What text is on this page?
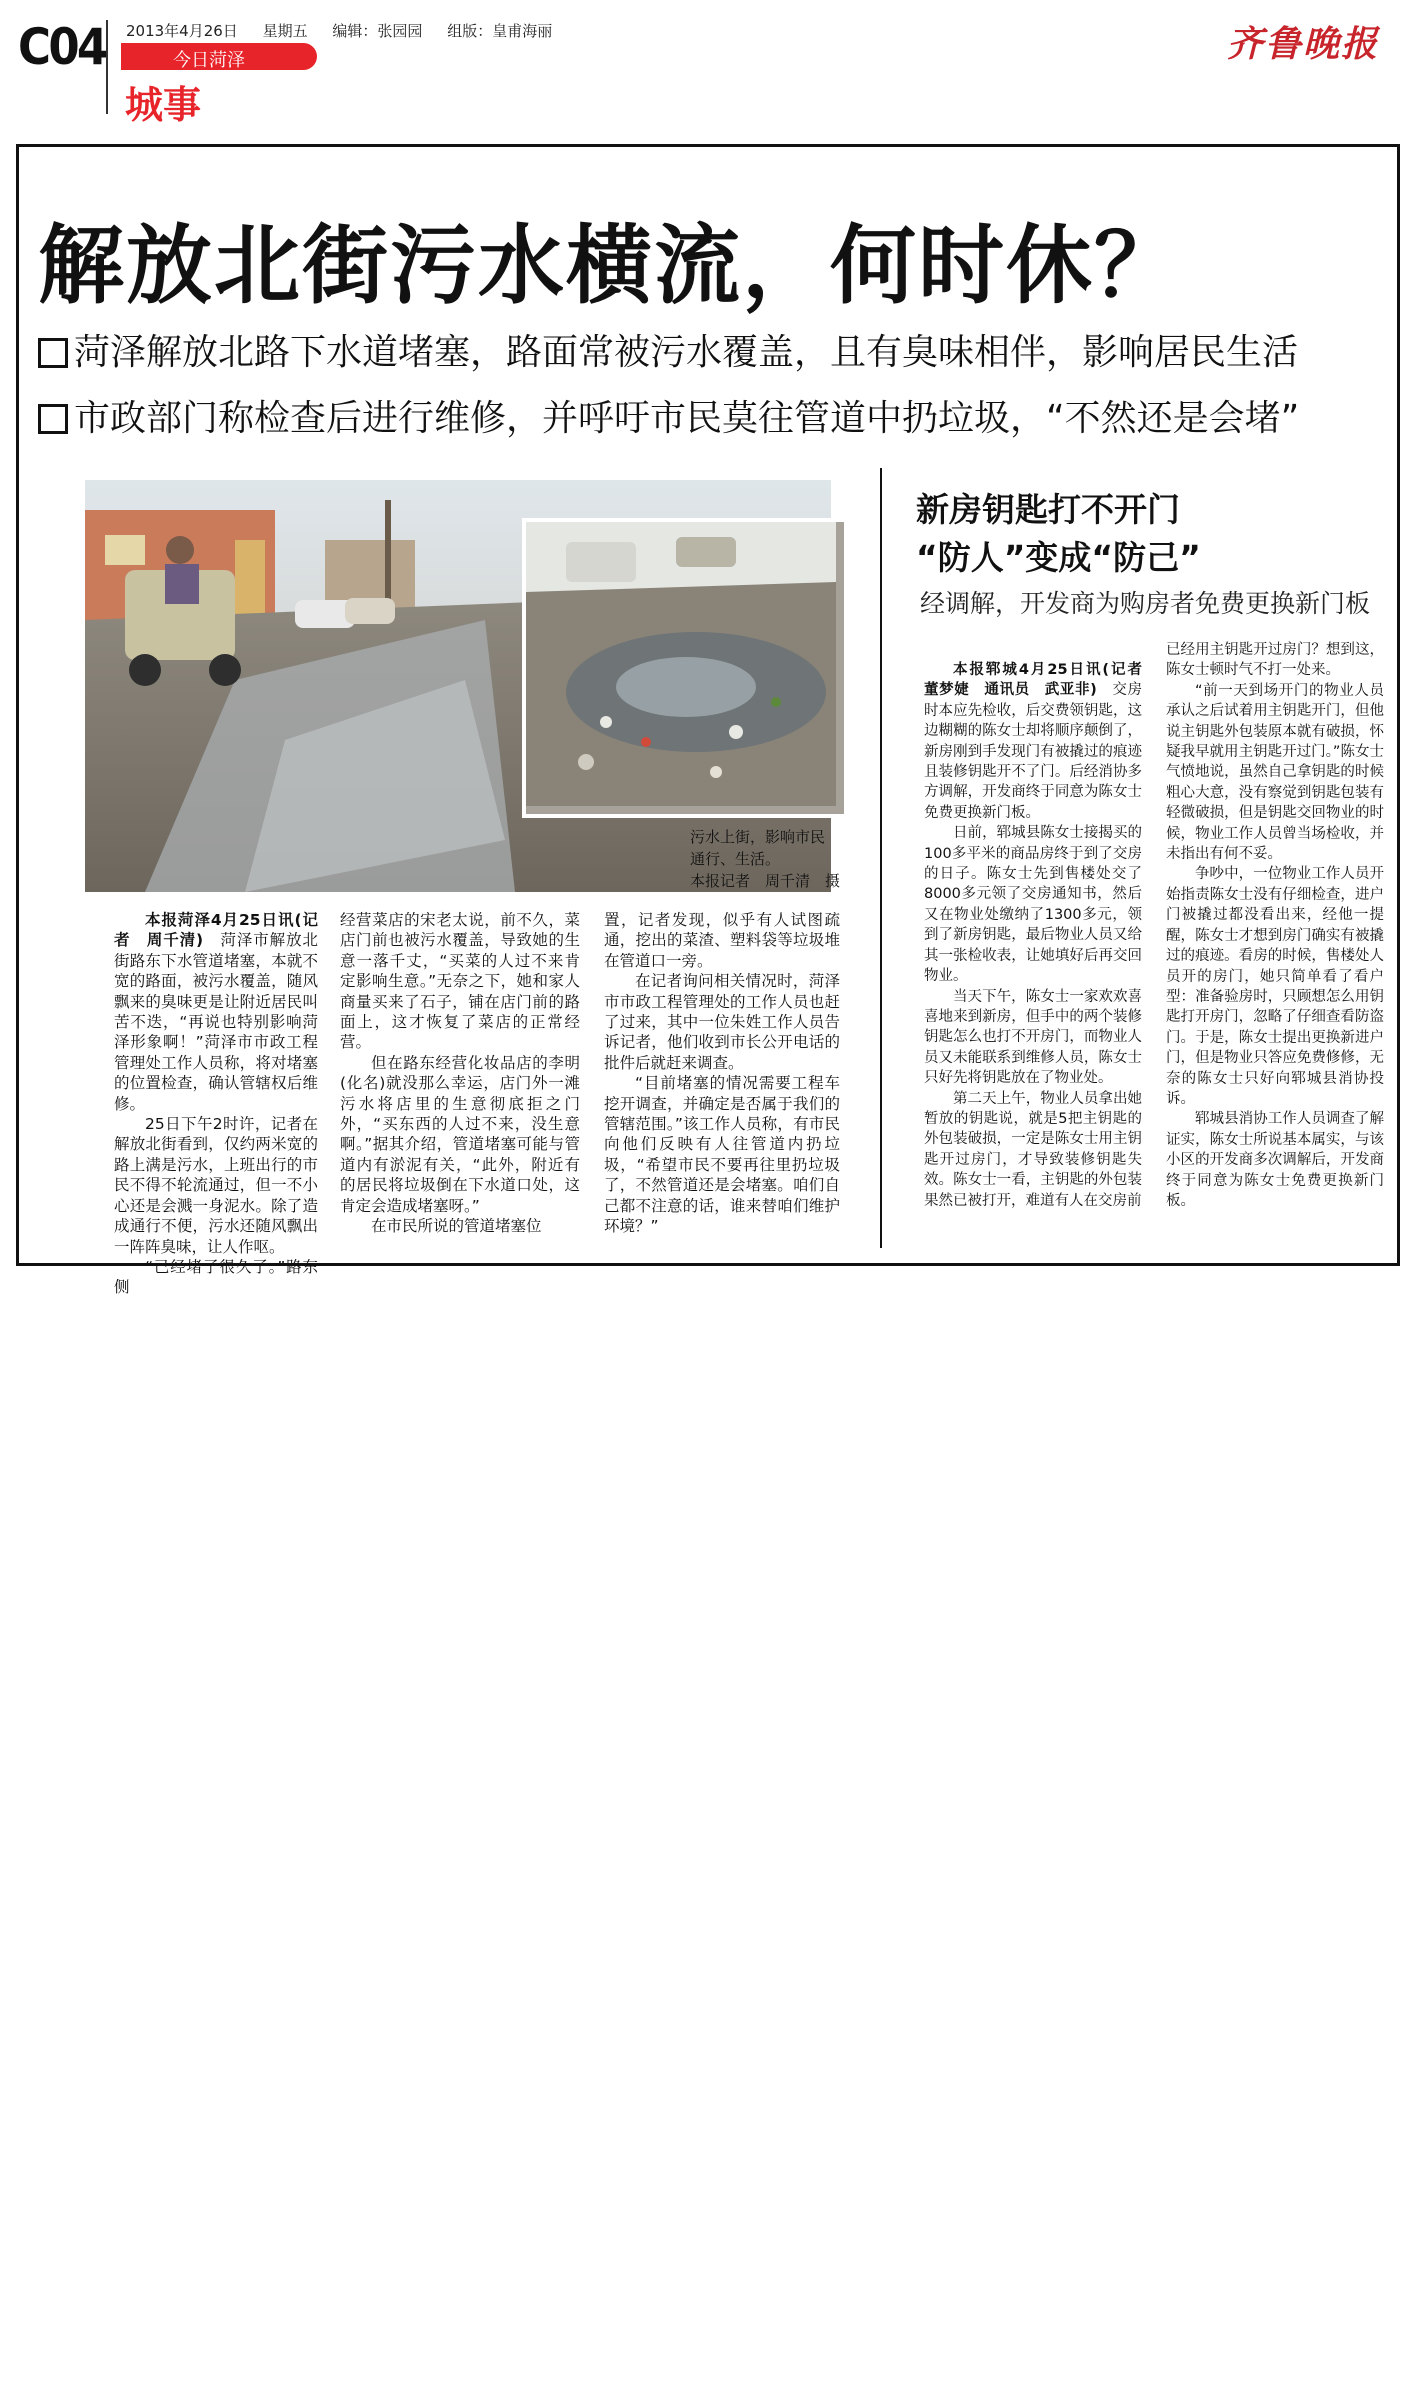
C04 2013年4月26日 星期五 编辑：张园园 组版：皇甫海丽
今日菏泽
城事
齐鲁晚报
解放北街污水横流，何时休？
菏泽解放北路下水道堵塞，路面常被污水覆盖，且有臭味相伴，影响居民生活
市政部门称检查后进行维修，并呼吁市民莫往管道中扔垃圾，“不然还是会堵”
污水上街，影响市民
通行、生活。
本报记者　周千清　摄

本报菏泽4月25日讯(记者　周千清)　 菏泽市解放北街路东下水管道堵塞，本就不宽的路面，被污水覆盖，随风飘来的臭味更是让附近居民叫苦不迭，“再说也特别影响菏泽形象啊！”菏泽市市政工程管理处工作人员称，将对堵塞的位置检查，确认管辖权后维修。

25日下午2时许，记者在解放北街看到，仅约两米宽的路上满是污水，上班出行的市民不得不轮流通过，但一不小心还是会溅一身泥水。除了造成通行不便，污水还随风飘出一阵阵臭味，让人作呕。

“已经堵了很久了。”路东侧

经营菜店的宋老太说，前不久，菜店门前也被污水覆盖，导致她的生意一落千丈，“买菜的人过不来肯定影响生意。”无奈之下，她和家人商量买来了石子，铺在店门前的路面上，这才恢复了菜店的正常经营。

但在路东经营化妆品店的李明(化名)就没那么幸运，店门外一滩污水将店里的生意彻底拒之门外，“买东西的人过不来，没生意啊。”据其介绍，管道堵塞可能与管道内有淤泥有关，“此外，附近有的居民将垃圾倒在下水道口处，这肯定会造成堵塞呀。”

在市民所说的管道堵塞位

置，记者发现，似乎有人试图疏通，挖出的菜渣、塑料袋等垃圾堆在管道口一旁。

在记者询问相关情况时，菏泽市市政工程管理处的工作人员也赶了过来，其中一位朱姓工作人员告诉记者，他们收到市长公开电话的批件后就赶来调查。

“目前堵塞的情况需要工程车挖开调查，并确定是否属于我们的管辖范围。”该工作人员称，有市民向他们反映有人往管道内扔垃圾，“希望市民不要再往里扔垃圾了，不然管道还是会堵塞。咱们自己都不注意的话，谁来替咱们维护环境？”

新房钥匙打不开门
“防人”变成“防己”
经调解，开发商为购房者免费更换新门板

本报郓城4月25日讯(记者　董梦婕　通讯员　武亚非)　 交房时本应先检收，后交费领钥匙，这边糊糊的陈女士却将顺序颠倒了，新房刚到手发现门有被撬过的痕迹且装修钥匙开不了门。后经消协多方调解，开发商终于同意为陈女士免费更换新门板。

日前，郓城县陈女士接揭买的100多平米的商品房终于到了交房的日子。陈女士先到售楼处交了8000多元领了交房通知书，然后又在物业处缴纳了1300多元，领到了新房钥匙，最后物业人员又给其一张检收表，让她填好后再交回物业。

当天下午，陈女士一家欢欢喜喜地来到新房，但手中的两个装修钥匙怎么也打不开房门，而物业人员又未能联系到维修人员，陈女士只好先将钥匙放在了物业处。

第二天上午，物业人员拿出她暂放的钥匙说，就是5把主钥匙的外包装破损，一定是陈女士用主钥匙开过房门，才导致装修钥匙失效。陈女士一看，主钥匙的外包装果然已被打开，难道有人在交房前

已经用主钥匙开过房门？想到这，陈女士顿时气不打一处来。

“前一天到场开门的物业人员承认之后试着用主钥匙开门，但他说主钥匙外包装原本就有破损，怀疑我早就用主钥匙开过门。”陈女士气愤地说，虽然自己拿钥匙的时候粗心大意，没有察觉到钥匙包装有轻微破损，但是钥匙交回物业的时候，物业工作人员曾当场检收，并未指出有何不妥。

争吵中，一位物业工作人员开始指责陈女士没有仔细检查，进户门被撬过都没看出来，经他一提醒，陈女士才想到房门确实有被撬过的痕迹。看房的时候，售楼处人员开的房门，她只简单看了看户型：准备验房时，只顾想怎么用钥匙打开房门，忽略了仔细查看防盗门。于是，陈女士提出更换新进户门，但是物业只答应免费修修，无奈的陈女士只好向郓城县消协投诉。

郓城县消协工作人员调查了解证实，陈女士所说基本属实，与该小区的开发商多次调解后，开发商终于同意为陈女士免费更换新门板。
